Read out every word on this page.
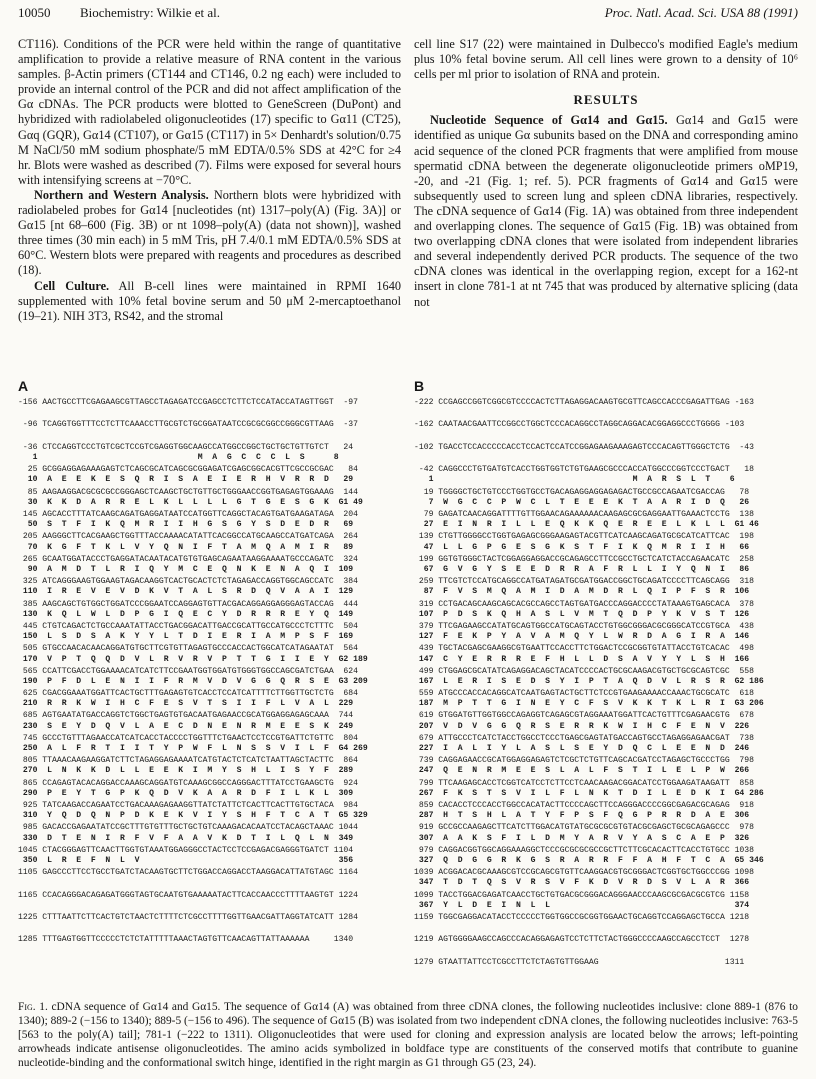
10050 Biochemistry: Wilkie et al.	Proc. Natl. Acad. Sci. USA 88 (1991)

CT116). Conditions of the PCR were held within the range of quantitative amplification to provide a relative measure of RNA content in the various samples. β-Actin primers (CT144 and CT146, 0.2 ng each) were included to provide an internal control of the PCR and did not affect amplification of the Gα cDNAs. The PCR products were blotted to GeneScreen (DuPont) and hybridized with radiolabeled oligonucleotides (17) specific to Gα11 (CT25), Gαq (GQR), Gα14 (CT107), or Gα15 (CT117) in 5× Denhardt's solution/0.75 M NaCl/50 mM sodium phosphate/5 mM EDTA/0.5% SDS at 42°C for ≥4 hr. Blots were washed as described (7). Films were exposed for several hours with intensifying screens at −70°C.

Northern and Western Analysis. Northern blots were hybridized with radiolabeled probes for Gα14 [nucleotides (nt) 1317–poly(A) (Fig. 3A)] or Gα15 [nt 68–600 (Fig. 3B) or nt 1098–poly(A) (data not shown)], washed three times (30 min each) in 5 mM Tris, pH 7.4/0.1 mM EDTA/0.5% SDS at 60°C. Western blots were prepared with reagents and procedures as described (18).

Cell Culture. All B-cell lines were maintained in RPMI 1640 supplemented with 10% fetal bovine serum and 50 μM 2-mercaptoethanol (19–21). NIH 3T3, RS42, and the stromal

cell line S17 (22) were maintained in Dulbecco's modified Eagle's medium plus 10% fetal bovine serum. All cell lines were grown to a density of 10⁶ cells per ml prior to isolation of RNA and protein.

RESULTS

Nucleotide Sequence of Gα14 and Gα15. Gα14 and Gα15 were identified as unique Gα subunits based on the DNA and corresponding amino acid sequence of the cloned PCR fragments that were amplified from mouse spermatid cDNA between the degenerate oligonucleotide primers oMP19, -20, and -21 (Fig. 1; ref. 5). PCR fragments of Gα14 and Gα15 were subsequently used to screen lung and spleen cDNA libraries, respectively. The cDNA sequence of Gα14 (Fig. 1A) was obtained from three independent and overlapping clones. The sequence of Gα15 (Fig. 1B) was obtained from two overlapping cDNA clones that were isolated from independent libraries and several independently derived PCR products. The sequence of the two cDNA clones was identical in the overlapping region, except for a 162-nt insert in clone 781-1 at nt 745 that was produced by alternative splicing (data not

A	B
-156 AACTGCCTTCGAGAAGCGTTAGCCTAGAGATCCGAGCCTCTTCTCCATACCATAGTTGGT  -97

-96 TCAGGTGGTTTCCTCTTCAAACCTTGCGTCTGCGGATAATCCGCGCGGCCGGGCGTTAAG  -37

-36 CTCCAGGTCCCTGTCGCTCCGTCGAGGTGGCAAGCCATGGCCGGCTGCTGCTGTTGTCT   24
1                                 M  A  G  C  C  C  L  S      8
25 GCGGAGGAGAAAGAGTCTCAGCGCATCAGCGCGGAGATCGAGCGGCACGTTCGCCGCGAC   84
10  A  E  E  K  E  S  Q  R  I  S  A  E  I  E  R  H  V  R  R  D   29
85 AAGAAGGACGCGCGCCGGGAGCTCAAGCTGCTGTTGCTGGGAACCGGTGAGAGTGGAAAG  144
30  K  K  D  A  R  R  E  L  K  L  L  L  L  G  T  G  E  S  G  K  G1 49
145 AGCACCTTTATCAAGCAGATGAGGATAATCCATGGTTCAGGCTACAGTGATGAAGATAGA  204
50  S  T  F  I  K  Q  M  R  I  I  H  G  S  G  Y  S  D  E  D  R   69
205 AAGGGCTTCACGAAGCTGGTTTACCAAAACATATTCACGGCCATGCAAGCCATGATCAGA  264
70  K  G  F  T  K  L  V  Y  Q  N  I  F  T  A  M  Q  A  M  I  R   89
265 GCAATGGATACCCTGAGGATACAATACATGTGTGAGCAGAATAAGGAAAATGCCCAGATC  324
90  A  M  D  T  L  R  I  Q  Y  M  C  E  Q  N  K  E  N  A  Q  I  109
325 ATCAGGGAAGTGGAAGTAGACAAGGTCACTGCACTCTCTAGAGACCAGGTGGCAGCCATC  384
110  I  R  E  V  E  V  D  K  V  T  A  L  S  R  D  Q  V  A  A  I  129
385 AAGCAGCTGTGGCTGGATCCCGGAATCCAGGAGTGTTACGACAGGAGGAGGGAGTACCAG  444
130  K  Q  L  W  L  D  P  G  I  Q  E  C  Y  D  R  R  R  E  Y  Q  149
445 CTGTCAGACTCTGCCAAATATTACCTGACGGACATTGACCGCATTGCCATGCCCTCTTTC  504
150  L  S  D  S  A  K  Y  Y  L  T  D  I  E  R  I  A  M  P  S  F  169
505 GTGCCAACACAACAGGATGTGCTTCGTGTTAGAGTGCCCACCACTGGCATCATAGAATAT  564
170  V  P  T  Q  Q  D  V  L  R  V  R  V  P  T  T  G  I  I  E  Y  G2 189
565 CCATTCGACCTGGAAAACATCATCTTCCGAATGGTGGATGTGGGTGGCCAGCGATCTGAA  624
190  P  F  D  L  E  N  I  I  F  R  M  V  D  V  G  G  Q  R  S  E  G3 209
625 CGACGGAAATGGATTCACTGCTTTGAGAGTGTCACCTCCATCATTTTCTTGGTTGCTCTG  684
210  R  R  K  W  I  H  C  F  E  S  V  T  S  I  I  F  L  V  A  L  229
685 AGTGAATATGACCAGGTCTGGCTGAGTGTGACAATGAGAACCGCATGGAGGAGAGCAAA  744
230  S  E  Y  D  Q  V  L  A  E  C  D  N  E  N  R  M  E  E  S  K  249
745 GCCCTGTTTAGAACCATCATCACCTACCCCTGGTTTCTGAACTCCTCCGTGATTCTGTTC  804
250  A  L  F  R  T  I  I  T  Y  P  W  F  L  N  S  S  V  I  L  F  G4 269
805 TTAAACAAGAAGGATCTTCTAGAGGAGAAAATCATGTACTCTCATCTAATTAGCTACTTC  864
270  L  N  K  K  D  L  L  E  E  K  I  M  Y  S  H  L  I  S  Y  F  289
865 CCAGAGTACACAGGACCAAAGCAGGATGTCAAAGCGGCCAGGGACTTTATCCTGAAGCTG  924
290  P  E  Y  T  G  P  K  Q  D  V  K  A  A  R  D  F  I  L  K  L  309
925 TATCAAGACCAGAATCCTGACAAAGAGAAGGTTATCTATTCTCACTTCACTTGTGCTACA  984
310  Y  Q  D  Q  N  P  D  K  E  K  V  I  Y  S  H  F  T  C  A  T  G5 329
985 GACACCGAGAATATCCGCTTTGTGTTTGCTGCTGTCAAAGACACAATCCTACAGCTAAAC 1044
330  D  T  E  N  I  R  F  V  F  A  A  V  K  D  T  I  L  Q  L  N  349
1045 CTACGGGAGTTCAACTTGGTGTAAATGGAGGGCCTACTCCTCCGAGACGAGGGTGATCT 1104
350  L  R  E  F  N  L  V                                         356
1105 GAGCCCTTCCTGCCTGATCTACAAGTGCTTCTGGACCAGGACCTAAGGACATTATGTAGC 1164

1165 CCACAGGGACAGAGATGGGTAGTGCAATGTGAAAAATACTTCACCAACCCTTTTAAGTGT 1224

1225 CTTTAATTCTTCACTGTCTAACTCTTTTCTCGCCTTTTGGTTGAACGATTAGGTATCATT 1284

1285 TTTGAGTGGTTCCCCCTCTCTATTTTTAAACTAGTGTTCAACAGTTATTAAAAAA     1340

-222 CCGAGCCGGTCGGCGTCCCCACTCTTAGAGGACAAGTGCGTTCAGCCACCCGAGATTGAG -163

-162 CAATAACGAATTCCGGCCTGGCTCCCACAGGCCTAGGCAGGACACGGAGGCCCTGGGG -103

-102 TGACCTCCACCCCCACCTCCACTCCATCCGGAGAAGAAAGAGTCCCACAGTTGGGCTCTG  -43

-42 CAGGCCCTGTGATGTCACCTGGTGGTCTGTGAAGCGCCCACCATGGCCCGGTCCCTGACT   18
1                                         M  A  R  S  L  T    6
19 TGGGGCTGCTGTCCCTGGTGCCTGACAGAGGAGGAGAGACTGCCGCCAGAATCGACCAG   78
7  W  G  C  C  P  W  C  L  T  E  E  E  K  T  A  A  R  I  D  Q   26
79 GAGATCAACAGGATTTTGTTGGAACAGAAAAAACAAGAGCGCGAGGAATTGAAACTCCTG  138
27  E  I  N  R  I  L  L  E  Q  K  K  Q  E  R  E  E  L  K  L  L  G1 46
139 CTGTTGGGGCCTGGTGAGAGCGGGAAGAGTACGTTCATCAAGCAGATGCGCATCATTCAC  198
47  L  L  G  P  G  E  S  G  K  S  T  F  I  K  Q  M  R  I  I  H   66
199 GGTGTGGGCTACTCGGAGGAGGACCGCAGAGCCTTCCGCCTGCTCATCTACCAGAACATC  258
67  G  V  G  Y  S  E  E  D  R  R  A  F  R  L  L  I  Y  Q  N  I   86
259 TTCGTCTCCATGCAGGCCATGATAGATGCGATGGACCGGCTGCAGATCCCCTTCAGCAGG  318
87  F  V  S  M  Q  A  M  I  D  A  M  D  R  L  Q  I  P  F  S  R  106
319 CCTGACAGCAAGCAGCACGCCAGCCTAGTGATGACCCAGGACCCCTATAAAGTGAGCACA  378
107  P  D  S  K  Q  H  A  S  L  V  M  T  Q  D  P  Y  K  V  S  T  126
379 TTCGAGAAGCCATATGCAGTGGCCATGCAGTACCTGTGGCGGGACGCGGGCATCCGTGCA  438
127  F  E  K  P  Y  A  V  A  M  Q  Y  L  W  R  D  A  G  I  R  A  146
439 TGCTACGAGCGAAGGCGTGAATTCCACCTTCTGGACTCCGCGGTGTATTACCTGTCACAC  498
147  C  Y  E  R  R  R  E  F  H  L  L  D  S  A  V  Y  Y  L  S  H  166
499 CTGGAGCGCATATCAGAGGACAGCTACATCCCCACTGCGCAAGACGTGCTGCGCAGTCGC  558
167  L  E  R  I  S  E  D  S  Y  I  P  T  A  Q  D  V  L  R  S  R  G2 186
559 ATGCCCACCACAGGCATCAATGAGTACTGCTTCTCCGTGAAGAAAACCAAACTGCGCATC  618
187  M  P  T  T  G  I  N  E  Y  C  F  S  V  K  K  T  K  L  R  I  G3 206
619 GTGGATGTTGGTGGCCAGAGGTCAGAGCGTAGGAAATGGATTCACTGTTTCGAGAACGTG  678
207  V  D  V  G  G  Q  R  S  E  R  R  K  W  I  H  C  F  E  N  V  226
679 ATTGCCCTCATCTACCTGGCCTCCCTGAGCGAGTATGACCAGTGCCTAGAGGAGAACGAT  738
227  I  A  L  I  Y  L  A  S  L  S  E  Y  D  Q  C  L  E  E  N  D  246
739 CAGGAGAACCGCATGGAGGAGAGTCTCGCTCTGTTCAGCACGATCCTAGAGCTGCCCTGG  798
247  Q  E  N  R  M  E  E  S  L  A  L  F  S  T  I  L  E  L  P  W  266
799 TTCAAGAGCACCTCGGTCATCCTCTTCCTCAACAAGACGGACATCCTGGAAGATAAGATT  858
267  F  K  S  T  S  V  I  L  F  L  N  K  T  D  I  L  E  D  K  I  G4 286
859 CACACCTCCCACCTGGCCACATACTTCCCCAGCTTCCAGGGACCCCGGCGAGACGCAGAG  918
287  H  T  S  H  L  A  T  Y  F  P  S  F  Q  G  P  R  R  D  A  E  306
919 GCCGCCAAGAGCTTCATCTTGGACATGTATGCGCGCGTGTACGCGAGCTGCGCAGAGCCC  978
307  A  A  K  S  F  I  L  D  M  Y  A  R  V  Y  A  S  C  A  E  P  326
979 CAGGACGGTGGCAGGAAAGGCTCCCGCGCGCGCCGCTTCTTCGCACACTTCACCTGTGCC 1038
327  Q  D  G  G  R  K  G  S  R  A  R  R  F  F  A  H  F  T  C  A  G5 346
1039 ACGGACACGCAAAGCGTCCGCAGCGTGTTCAAGGACGTGCGGGACTCGGTGCTGGCCCGG 1098
347  T  D  T  Q  S  V  R  S  V  F  K  D  V  R  D  S  V  L  A  R  366
1099 TACCTGGACGAGATCAACCTGCTGTGACGCGGGACAGGGAACCCAAGCGCGACGCGTCG 1158
367  Y  L  D  E  I  N  L  L                                      374
1159 TGGCGAGGACATACCTCCCCCTGGTGGCCGCGGTGGAACTGCAGGTCCAGGAGCTGCCA 1218

1219 AGTGGGGAAGCCAGCCCACAGGAGAGTCCTCTTCTACTGGGCCCCAAGCCAGCCTCCT  1278

1279 GTAATTATTCCTCGCCTTCTCTAGTGTTGGAAG                          1311

Fig. 1. cDNA sequence of Gα14 and Gα15. The sequence of Gα14 (A) was obtained from three cDNA clones, the following nucleotides inclusive: clone 889-1 (876 to 1340); 889-2 (−156 to 1340); 889-5 (−156 to 496). The sequence of Gα15 (B) was isolated from two independent cDNA clones, the following nucleotides inclusive: 763-5 [563 to the poly(A) tail]; 781-1 (−222 to 1311). Oligonucleotides that were used for cloning and expression analysis are located below the arrows; left-pointing arrowheads indicate antisense oligonucleotides. The amino acids symbolized in boldface type are constituents of the conserved motifs that contribute to guanine nucleotide-binding and the conformational switch hinge, identified in the right margin as G1 through G5 (23, 24).
